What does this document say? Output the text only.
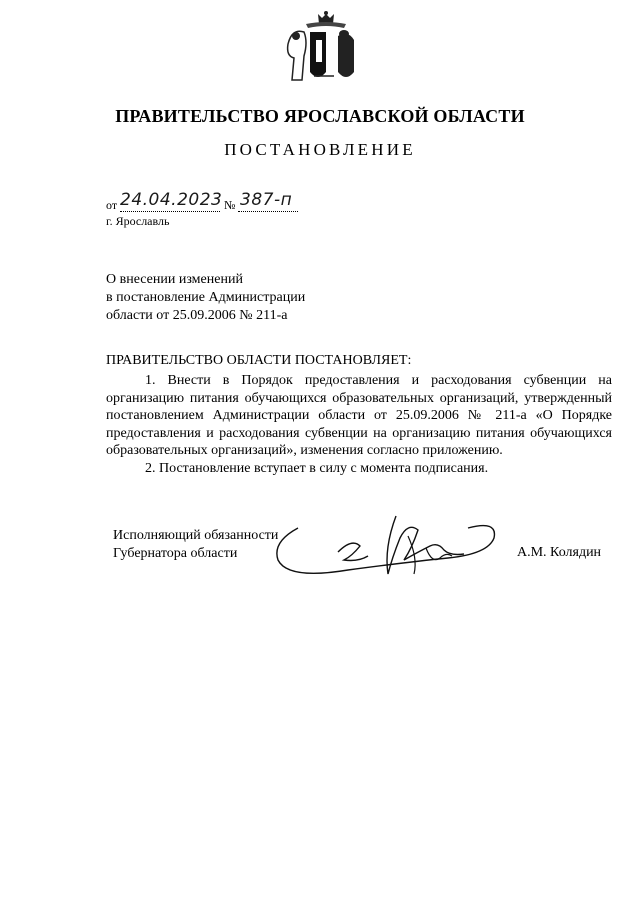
ПРАВИТЕЛЬСТВО ЯРОСЛАВСКОЙ ОБЛАСТИ
ПОСТАНОВЛЕНИЕ
от 24.04.2023 № 387-п
г. Ярославль
О внесении изменений
в постановление Администрации
области от 25.09.2006 № 211-а
ПРАВИТЕЛЬСТВО ОБЛАСТИ ПОСТАНОВЛЯЕТ:

1. Внести в Порядок предоставления и расходования субвенции на организацию питания обучающихся образовательных организаций, утвержденный постановлением Администрации области от 25.09.2006 № 211-а «О Порядке предоставления и расходования субвенции на организацию питания обучающихся образовательных организаций», изменения согласно приложению.

2. Постановление вступает в силу с момента подписания.

Исполняющий обязанности
Губернатора области	А.М. Колядин
